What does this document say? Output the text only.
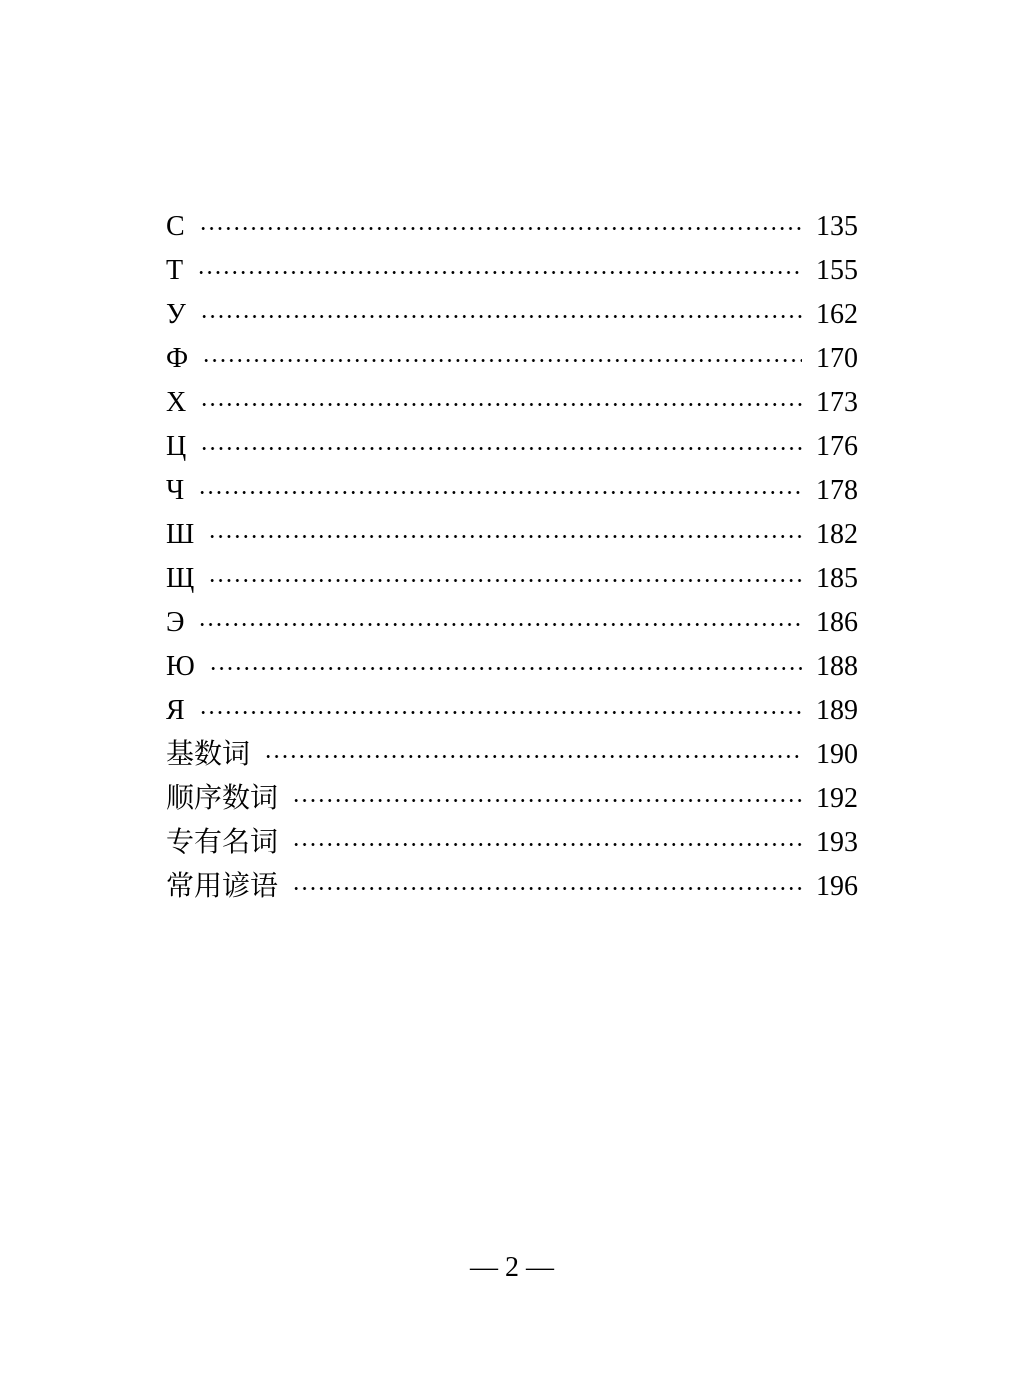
С	135
Т	155
У	162
Ф	170
Х	173
Ц	176
Ч	178
Ш	182
Щ	185
Э	186
Ю	188
Я	189
基数词	190
顺序数词	192
专有名词	193
常用谚语	196
— 2 —
